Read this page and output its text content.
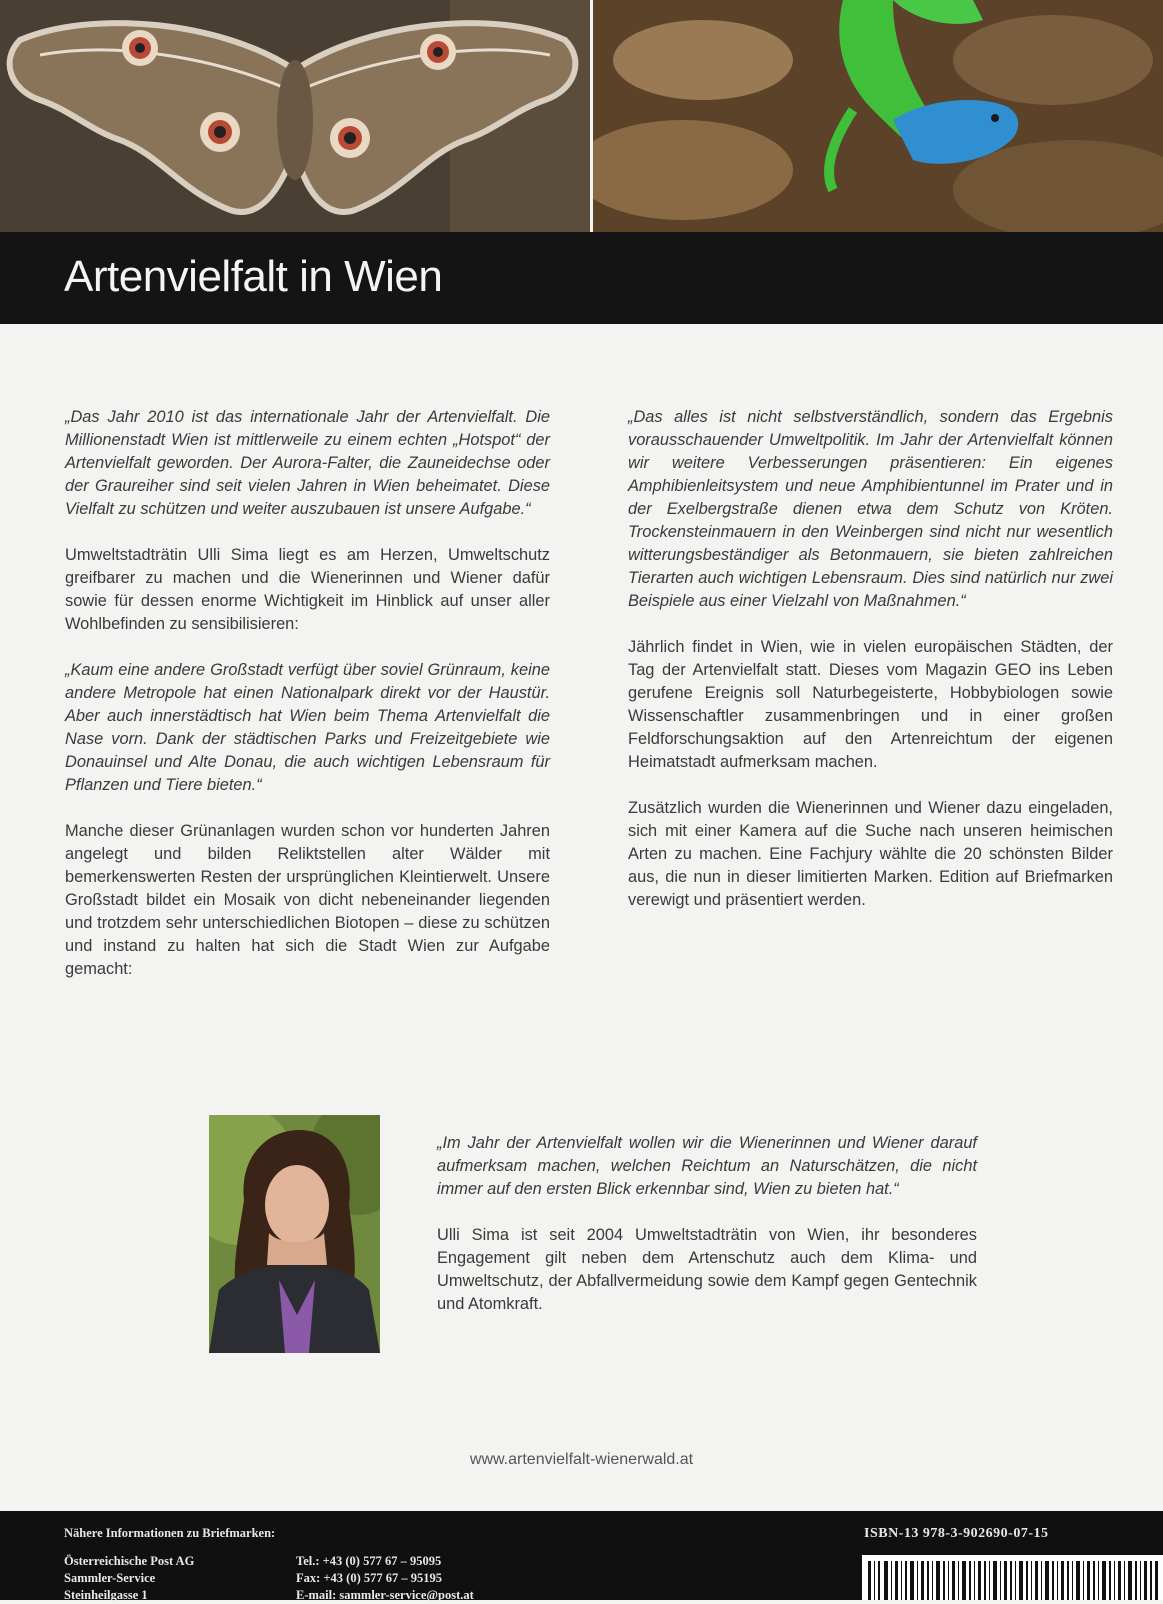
Artenvielfalt in Wien

„Das Jahr 2010 ist das internationale Jahr der Artenvielfalt. Die Millionenstadt Wien ist mittlerweile zu einem echten „Hotspot“ der Artenvielfalt geworden. Der Aurora-Falter, die Zauneidechse oder der Graureiher sind seit vielen Jahren in Wien beheimatet. Diese Vielfalt zu schützen und weiter auszubauen ist unsere Aufgabe.“

Umweltstadträtin Ulli Sima liegt es am Herzen, Umweltschutz greifbarer zu machen und die Wienerinnen und Wiener dafür sowie für dessen enorme Wichtigkeit im Hinblick auf unser aller Wohlbefinden zu sensibilisieren:

„Kaum eine andere Großstadt verfügt über soviel Grünraum, keine andere Metropole hat einen Nationalpark direkt vor der Haustür. Aber auch innerstädtisch hat Wien beim Thema Artenvielfalt die Nase vorn. Dank der städtischen Parks und Freizeitgebiete wie Donauinsel und Alte Donau, die auch wichtigen Lebensraum für Pflanzen und Tiere bieten.“

Manche dieser Grünanlagen wurden schon vor hunderten Jahren angelegt und bilden Reliktstellen alter Wälder mit bemerkenswerten Resten der ursprünglichen Kleintierwelt. Unsere Großstadt bildet ein Mosaik von dicht nebeneinander liegenden und trotzdem sehr unterschiedlichen Biotopen – diese zu schützen und instand zu halten hat sich die Stadt Wien zur Aufgabe gemacht:

„Das alles ist nicht selbstverständlich, sondern das Ergebnis vorausschauender Umweltpolitik. Im Jahr der Artenvielfalt können wir weitere Verbesserungen präsentieren: Ein eigenes Amphibienleitsystem und neue Amphibientunnel im Prater und in der Exelbergstraße dienen etwa dem Schutz von Kröten. Trockensteinmauern in den Weinbergen sind nicht nur wesentlich witterungsbeständiger als Betonmauern, sie bieten zahlreichen Tierarten auch wichtigen Lebensraum. Dies sind natürlich nur zwei Beispiele aus einer Vielzahl von Maßnahmen.“

Jährlich findet in Wien, wie in vielen europäischen Städten, der Tag der Artenvielfalt statt. Dieses vom Magazin GEO ins Leben gerufene Ereignis soll Naturbegeisterte, Hobbybiologen sowie Wissenschaftler zusammenbringen und in einer großen Feldforschungsaktion auf den Artenreichtum der eigenen Heimatstadt aufmerksam machen.

Zusätzlich wurden die Wienerinnen und Wiener dazu eingeladen, sich mit einer Kamera auf die Suche nach unseren heimischen Arten zu machen. Eine Fachjury wählte die 20 schönsten Bilder aus, die nun in dieser limitierten Marken. Edition auf Briefmarken verewigt und präsentiert werden.

„Im Jahr der Artenvielfalt wollen wir die Wienerinnen und Wiener darauf aufmerksam machen, welchen Reichtum an Naturschätzen, die nicht immer auf den ersten Blick erkennbar sind, Wien zu bieten hat.“

Ulli Sima ist seit 2004 Umweltstadträtin von Wien, ihr besonderes Engagement gilt neben dem Artenschutz auch dem Klima- und Umweltschutz, der Abfallvermeidung sowie dem Kampf gegen Gentechnik und Atomkraft.

www.artenvielfalt-wienerwald.at
Nähere Informationen zu Briefmarken:
Österreichische Post AG
Sammler-Service
Steinheilgasse 1
Tel.: +43 (0) 577 67 – 95095
Fax: +43 (0) 577 67 – 95195
E-mail: sammler-service@post.at
ISBN-13 978-3-902690-07-15
